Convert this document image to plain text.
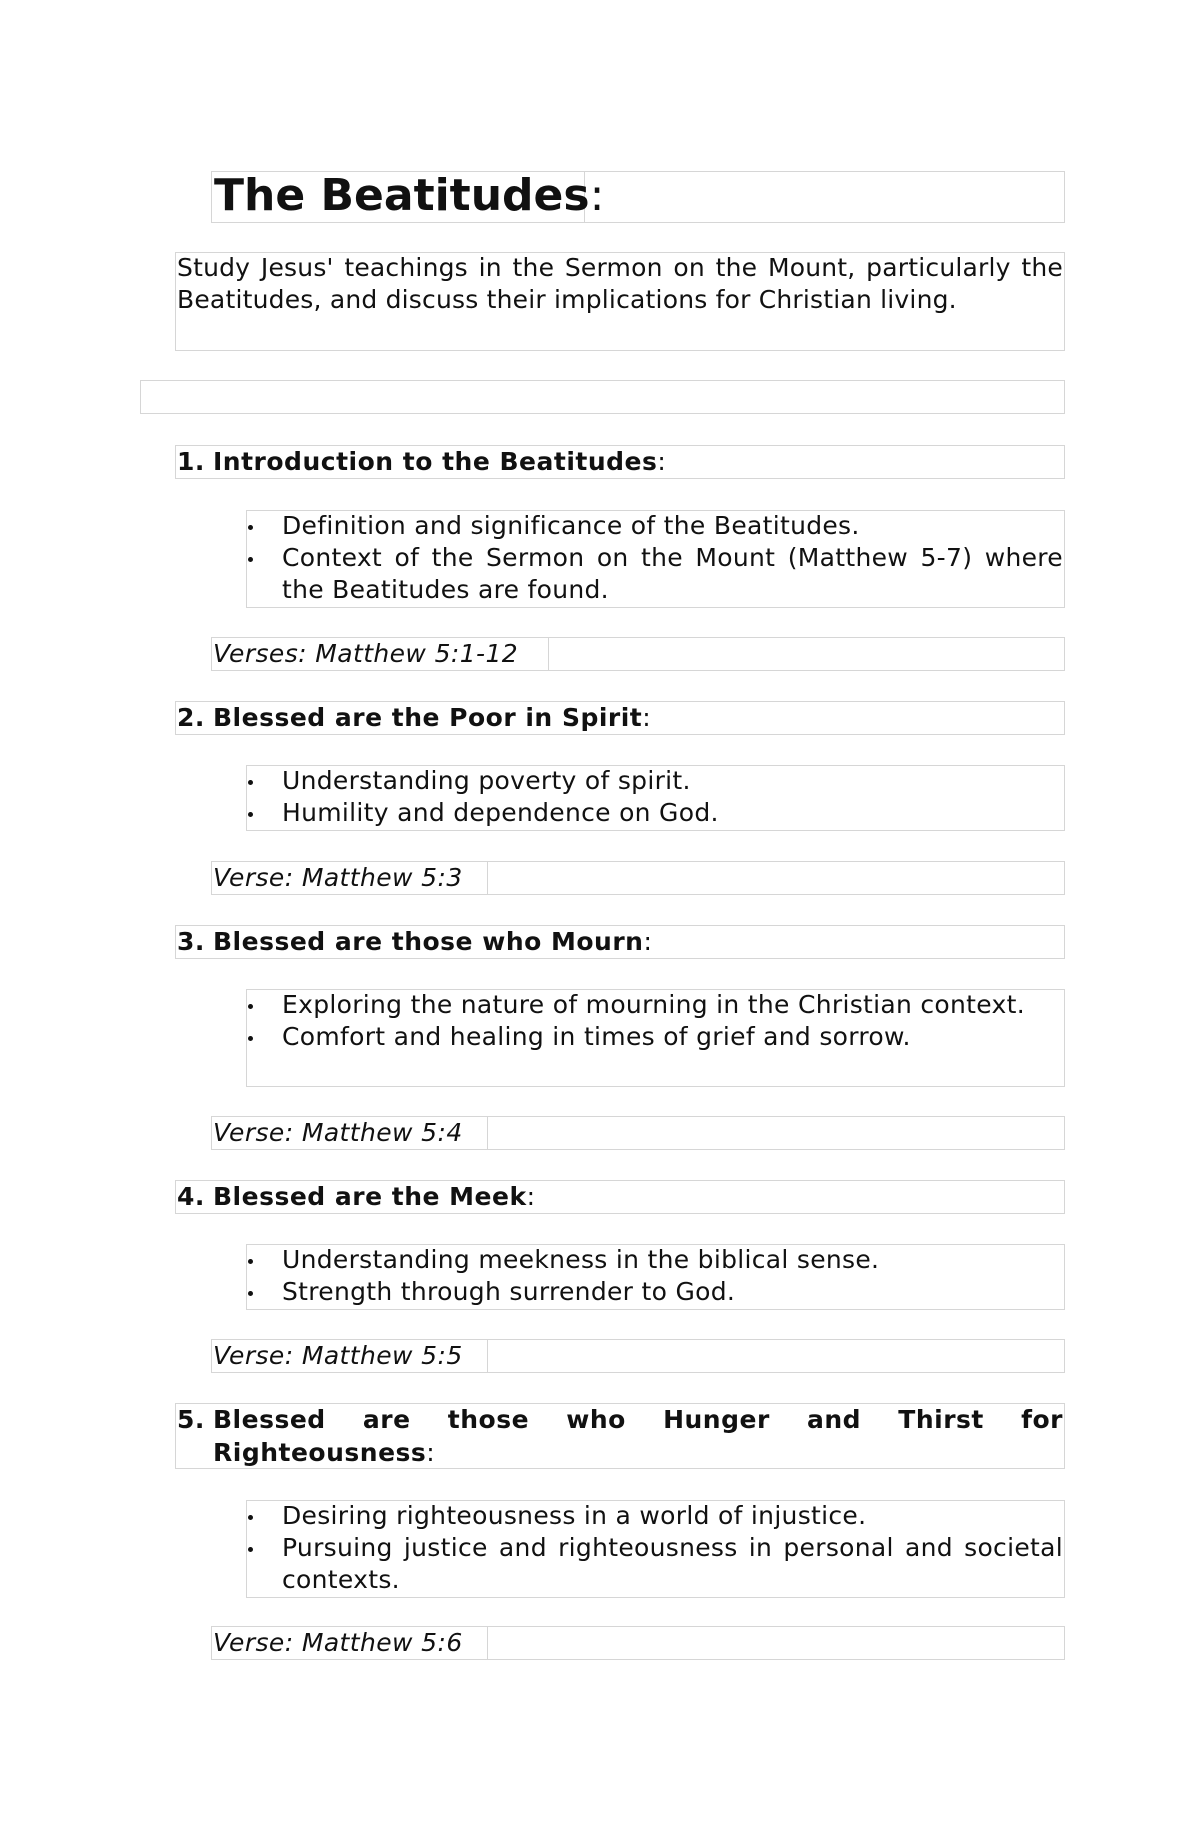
The Beatitudes:

Study Jesus' teachings in the Sermon on the Mount, particularly the Beatitudes, and discuss their implications for Christian living.

1. Introduction to the Beatitudes:
Definition and significance of the Beatitudes.
Context of the Sermon on the Mount (Matthew 5-7) where the Beatitudes are found.

Verses: Matthew 5:1-12

2. Blessed are the Poor in Spirit:
Understanding poverty of spirit.
Humility and dependence on God.

Verse: Matthew 5:3

3. Blessed are those who Mourn:
Exploring the nature of mourning in the Christian context.
Comfort and healing in times of grief and sorrow.

Verse: Matthew 5:4

4. Blessed are the Meek:
Understanding meekness in the biblical sense.
Strength through surrender to God.

Verse: Matthew 5:5

5. Blessed are those who Hunger and Thirst for Righteousness:
Desiring righteousness in a world of injustice.
Pursuing justice and righteousness in personal and societal contexts.

Verse: Matthew 5:6
